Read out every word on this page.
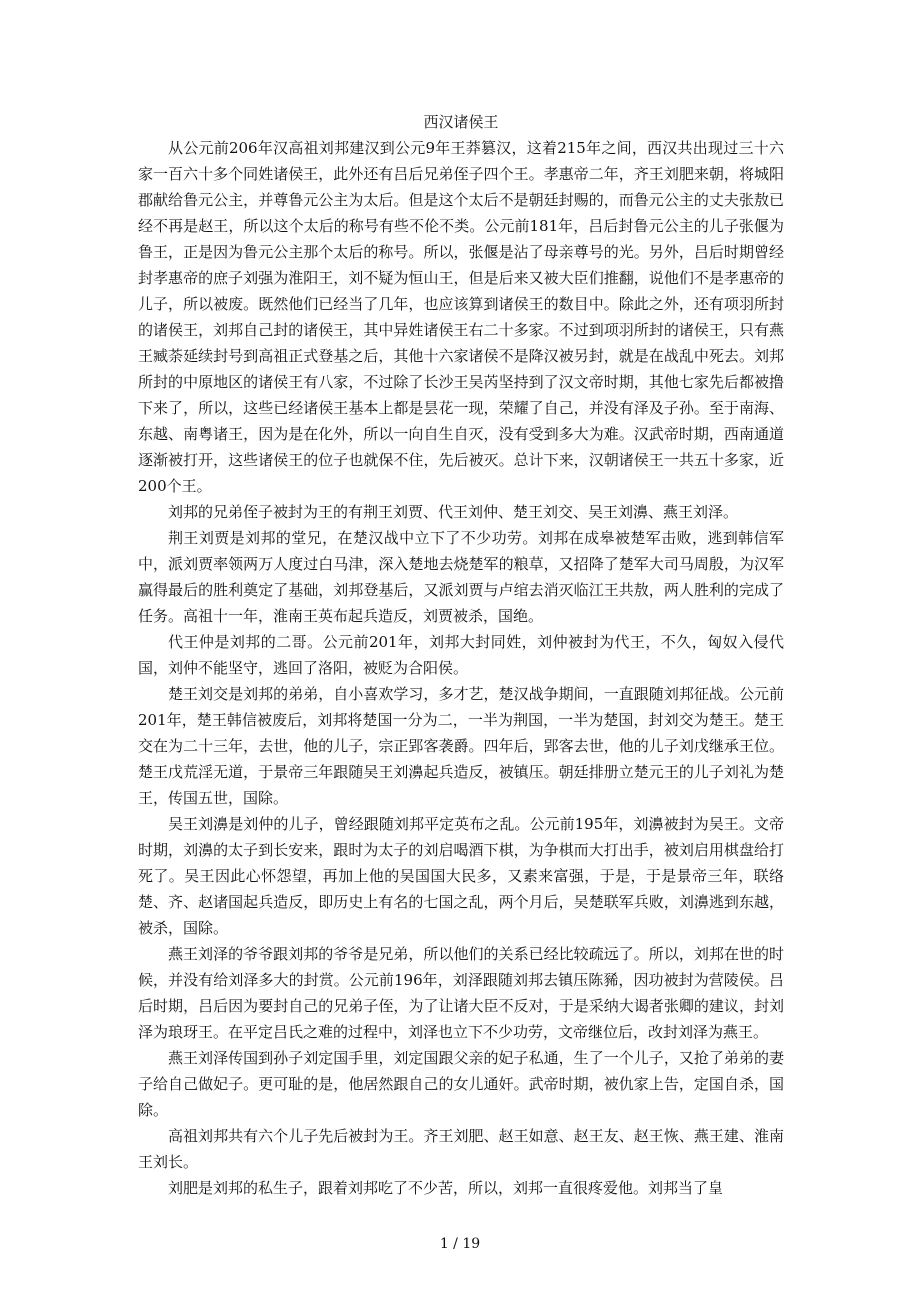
西汉诸侯王

从公元前206年汉高祖刘邦建汉到公元9年王莽篡汉，这着215年之间，西汉共出现过三十六家一百六十多个同姓诸侯王，此外还有吕后兄弟侄子四个王。孝惠帝二年，齐王刘肥来朝，将城阳郡献给鲁元公主，并尊鲁元公主为太后。但是这个太后不是朝廷封赐的，而鲁元公主的丈夫张敖已经不再是赵王，所以这个太后的称号有些不伦不类。公元前181年，吕后封鲁元公主的儿子张偃为鲁王，正是因为鲁元公主那个太后的称号。所以，张偃是沾了母亲尊号的光。另外，吕后时期曾经封孝惠帝的庶子刘强为淮阳王，刘不疑为恒山王，但是后来又被大臣们推翻，说他们不是孝惠帝的儿子，所以被废。既然他们已经当了几年，也应该算到诸侯王的数目中。除此之外，还有项羽所封的诸侯王，刘邦自己封的诸侯王，其中异姓诸侯王右二十多家。不过到项羽所封的诸侯王，只有燕王臧荼延续封号到高祖正式登基之后，其他十六家诸侯不是降汉被另封，就是在战乱中死去。刘邦所封的中原地区的诸侯王有八家，不过除了长沙王吴芮坚持到了汉文帝时期，其他七家先后都被撸下来了，所以，这些已经诸侯王基本上都是昙花一现，荣耀了自己，并没有泽及子孙。至于南海、东越、南粤诸王，因为是在化外，所以一向自生自灭，没有受到多大为难。汉武帝时期，西南通道逐渐被打开，这些诸侯王的位子也就保不住，先后被灭。总计下来，汉朝诸侯王一共五十多家，近200个王。

刘邦的兄弟侄子被封为王的有荆王刘贾、代王刘仲、楚王刘交、吴王刘濞、燕王刘泽。

荆王刘贾是刘邦的堂兄，在楚汉战中立下了不少功劳。刘邦在成皋被楚军击败，逃到韩信军中，派刘贾率领两万人度过白马津，深入楚地去烧楚军的粮草，又招降了楚军大司马周殷，为汉军赢得最后的胜利奠定了基础，刘邦登基后，又派刘贾与卢绾去消灭临江王共敖，两人胜利的完成了任务。高祖十一年，淮南王英布起兵造反，刘贾被杀，国绝。

代王仲是刘邦的二哥。公元前201年，刘邦大封同姓，刘仲被封为代王，不久，匈奴入侵代国，刘仲不能坚守，逃回了洛阳，被贬为合阳侯。

楚王刘交是刘邦的弟弟，自小喜欢学习，多才艺，楚汉战争期间，一直跟随刘邦征战。公元前201年，楚王韩信被废后，刘邦将楚国一分为二，一半为荆国，一半为楚国，封刘交为楚王。楚王交在为二十三年，去世，他的儿子，宗正郢客袭爵。四年后，郢客去世，他的儿子刘戊继承王位。楚王戊荒淫无道，于景帝三年跟随吴王刘濞起兵造反，被镇压。朝廷排册立楚元王的儿子刘礼为楚王，传国五世，国除。

吴王刘濞是刘仲的儿子，曾经跟随刘邦平定英布之乱。公元前195年，刘濞被封为吴王。文帝时期，刘濞的太子到长安来，跟时为太子的刘启喝酒下棋，为争棋而大打出手，被刘启用棋盘给打死了。吴王因此心怀怨望，再加上他的吴国国大民多，又素来富强，于是，于是景帝三年，联络楚、齐、赵诸国起兵造反，即历史上有名的七国之乱，两个月后，吴楚联军兵败，刘濞逃到东越，被杀，国除。

燕王刘泽的爷爷跟刘邦的爷爷是兄弟，所以他们的关系已经比较疏远了。所以，刘邦在世的时候，并没有给刘泽多大的封赏。公元前196年，刘泽跟随刘邦去镇压陈豨，因功被封为营陵侯。吕后时期，吕后因为要封自己的兄弟子侄，为了让诸大臣不反对，于是采纳大谒者张卿的建议，封刘泽为琅玡王。在平定吕氏之难的过程中，刘泽也立下不少功劳，文帝继位后，改封刘泽为燕王。

燕王刘泽传国到孙子刘定国手里，刘定国跟父亲的妃子私通，生了一个儿子，又抢了弟弟的妻子给自己做妃子。更可耻的是，他居然跟自己的女儿通奸。武帝时期，被仇家上告，定国自杀，国除。

高祖刘邦共有六个儿子先后被封为王。齐王刘肥、赵王如意、赵王友、赵王恢、燕王建、淮南王刘长。

刘肥是刘邦的私生子，跟着刘邦吃了不少苦，所以，刘邦一直很疼爱他。刘邦当了皇

1 / 19
